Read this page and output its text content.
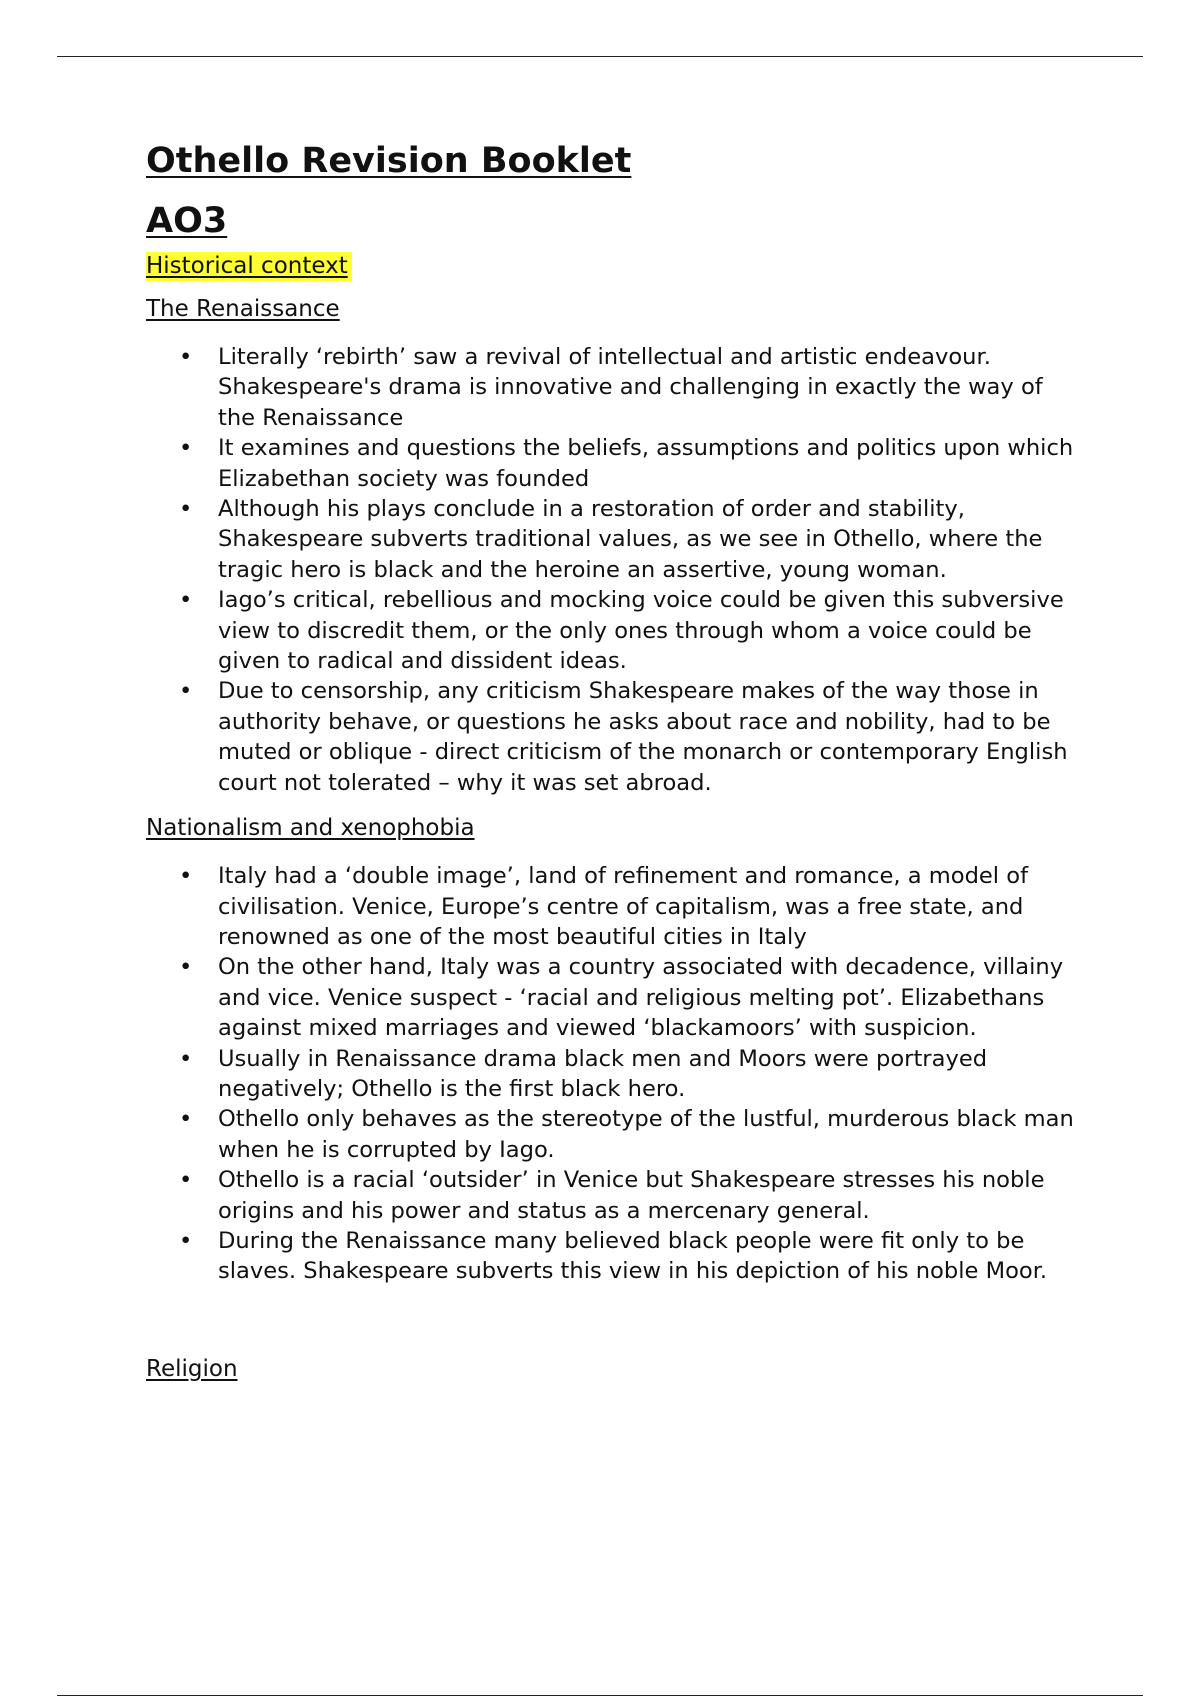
Othello Revision Booklet
AO3
Historical context
The Renaissance
• Literally ‘rebirth’ saw a revival of intellectual and artistic endeavour. Shakespeare's drama is innovative and challenging in exactly the way of the Renaissance
• It examines and questions the beliefs, assumptions and politics upon which Elizabethan society was founded
• Although his plays conclude in a restoration of order and stability, Shakespeare subverts traditional values, as we see in Othello, where the tragic hero is black and the heroine an assertive, young woman.
• Iago’s critical, rebellious and mocking voice could be given this subversive view to discredit them, or the only ones through whom a voice could be given to radical and dissident ideas.
• Due to censorship, any criticism Shakespeare makes of the way those in authority behave, or questions he asks about race and nobility, had to be muted or oblique - direct criticism of the monarch or contemporary English court not tolerated – why it was set abroad.
Nationalism and xenophobia
• Italy had a ‘double image’, land of refinement and romance, a model of civilisation. Venice, Europe’s centre of capitalism, was a free state, and renowned as one of the most beautiful cities in Italy
• On the other hand, Italy was a country associated with decadence, villainy and vice. Venice suspect - ‘racial and religious melting pot’. Elizabethans against mixed marriages and viewed ‘blackamoors’ with suspicion.
• Usually in Renaissance drama black men and Moors were portrayed negatively; Othello is the first black hero.
• Othello only behaves as the stereotype of the lustful, murderous black man when he is corrupted by Iago.
• Othello is a racial ‘outsider’ in Venice but Shakespeare stresses his noble origins and his power and status as a mercenary general.
• During the Renaissance many believed black people were fit only to be slaves. Shakespeare subverts this view in his depiction of his noble Moor.
Religion
